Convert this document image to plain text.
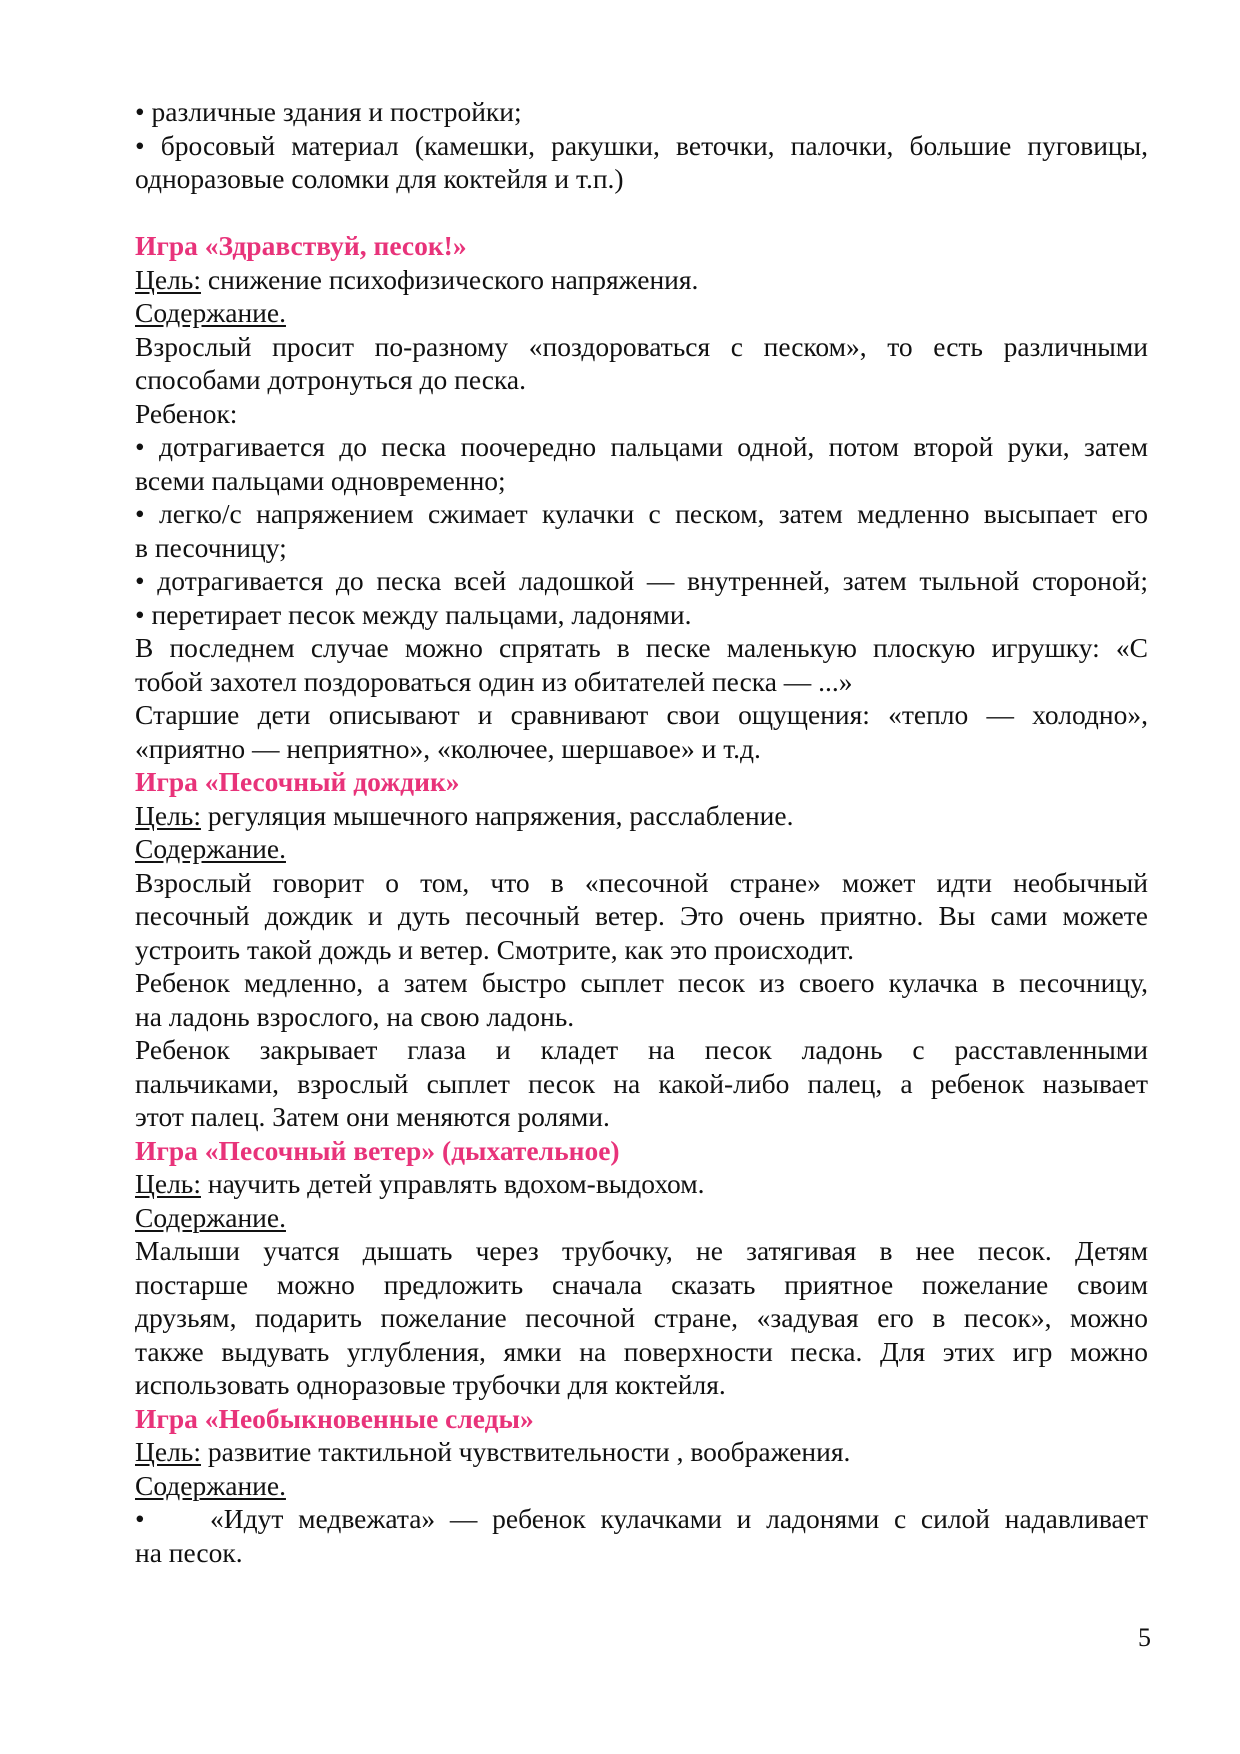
• различные здания и постройки;
• бросовый материал (камешки, ракушки, веточки, палочки, большие пуговицы,
одноразовые соломки для коктейля и т.п.)
Игра «Здравствуй, песок!»
Цель: снижение психофизического напряжения.
Содержание.
Взрослый просит по-разному «поздороваться с песком», то есть различными
способами дотронуться до песка.
Ребенок:
• дотрагивается до песка поочередно пальцами одной, потом второй руки, затем
всеми пальцами одновременно;
• легко/с напряжением сжимает кулачки с песком, затем медленно высыпает его
в песочницу;
• дотрагивается до песка всей ладошкой — внутренней, затем тыльной стороной;
• перетирает песок между пальцами, ладонями.
В последнем случае можно спрятать в песке маленькую плоскую игрушку: «С
тобой захотел поздороваться один из обитателей песка — ...»
Старшие дети описывают и сравнивают свои ощущения: «тепло — холодно»,
«приятно — неприятно», «колючее, шершавое» и т.д.
Игра «Песочный дождик»
Цель: регуляция мышечного напряжения, расслабление.
Содержание.
Взрослый говорит о том, что в «песочной стране» может идти необычный
песочный дождик и дуть песочный ветер. Это очень приятно. Вы сами можете
устроить такой дождь и ветер. Смотрите, как это происходит.
Ребенок медленно, а затем быстро сыплет песок из своего кулачка в песочницу,
на ладонь взрослого, на свою ладонь.
Ребенок закрывает глаза и кладет на песок ладонь с расставленными
пальчиками, взрослый сыплет песок на какой-либо палец, а ребенок называет
этот палец. Затем они меняются ролями.
Игра «Песочный ветер» (дыхательное)
Цель: научить детей управлять вдохом-выдохом.
Содержание.
Малыши учатся дышать через трубочку, не затягивая в нее песок. Детям
постарше можно предложить сначала сказать приятное пожелание своим
друзьям, подарить пожелание песочной стране, «задувая его в песок», можно
также выдувать углубления, ямки на поверхности песка. Для этих игр можно
использовать одноразовые трубочки для коктейля.
Игра «Необыкновенные следы»
Цель: развитие тактильной чувствительности , воображения.
Содержание.
• «Идут медвежата» — ребенок кулачками и ладонями с силой надавливает
на песок.
5
